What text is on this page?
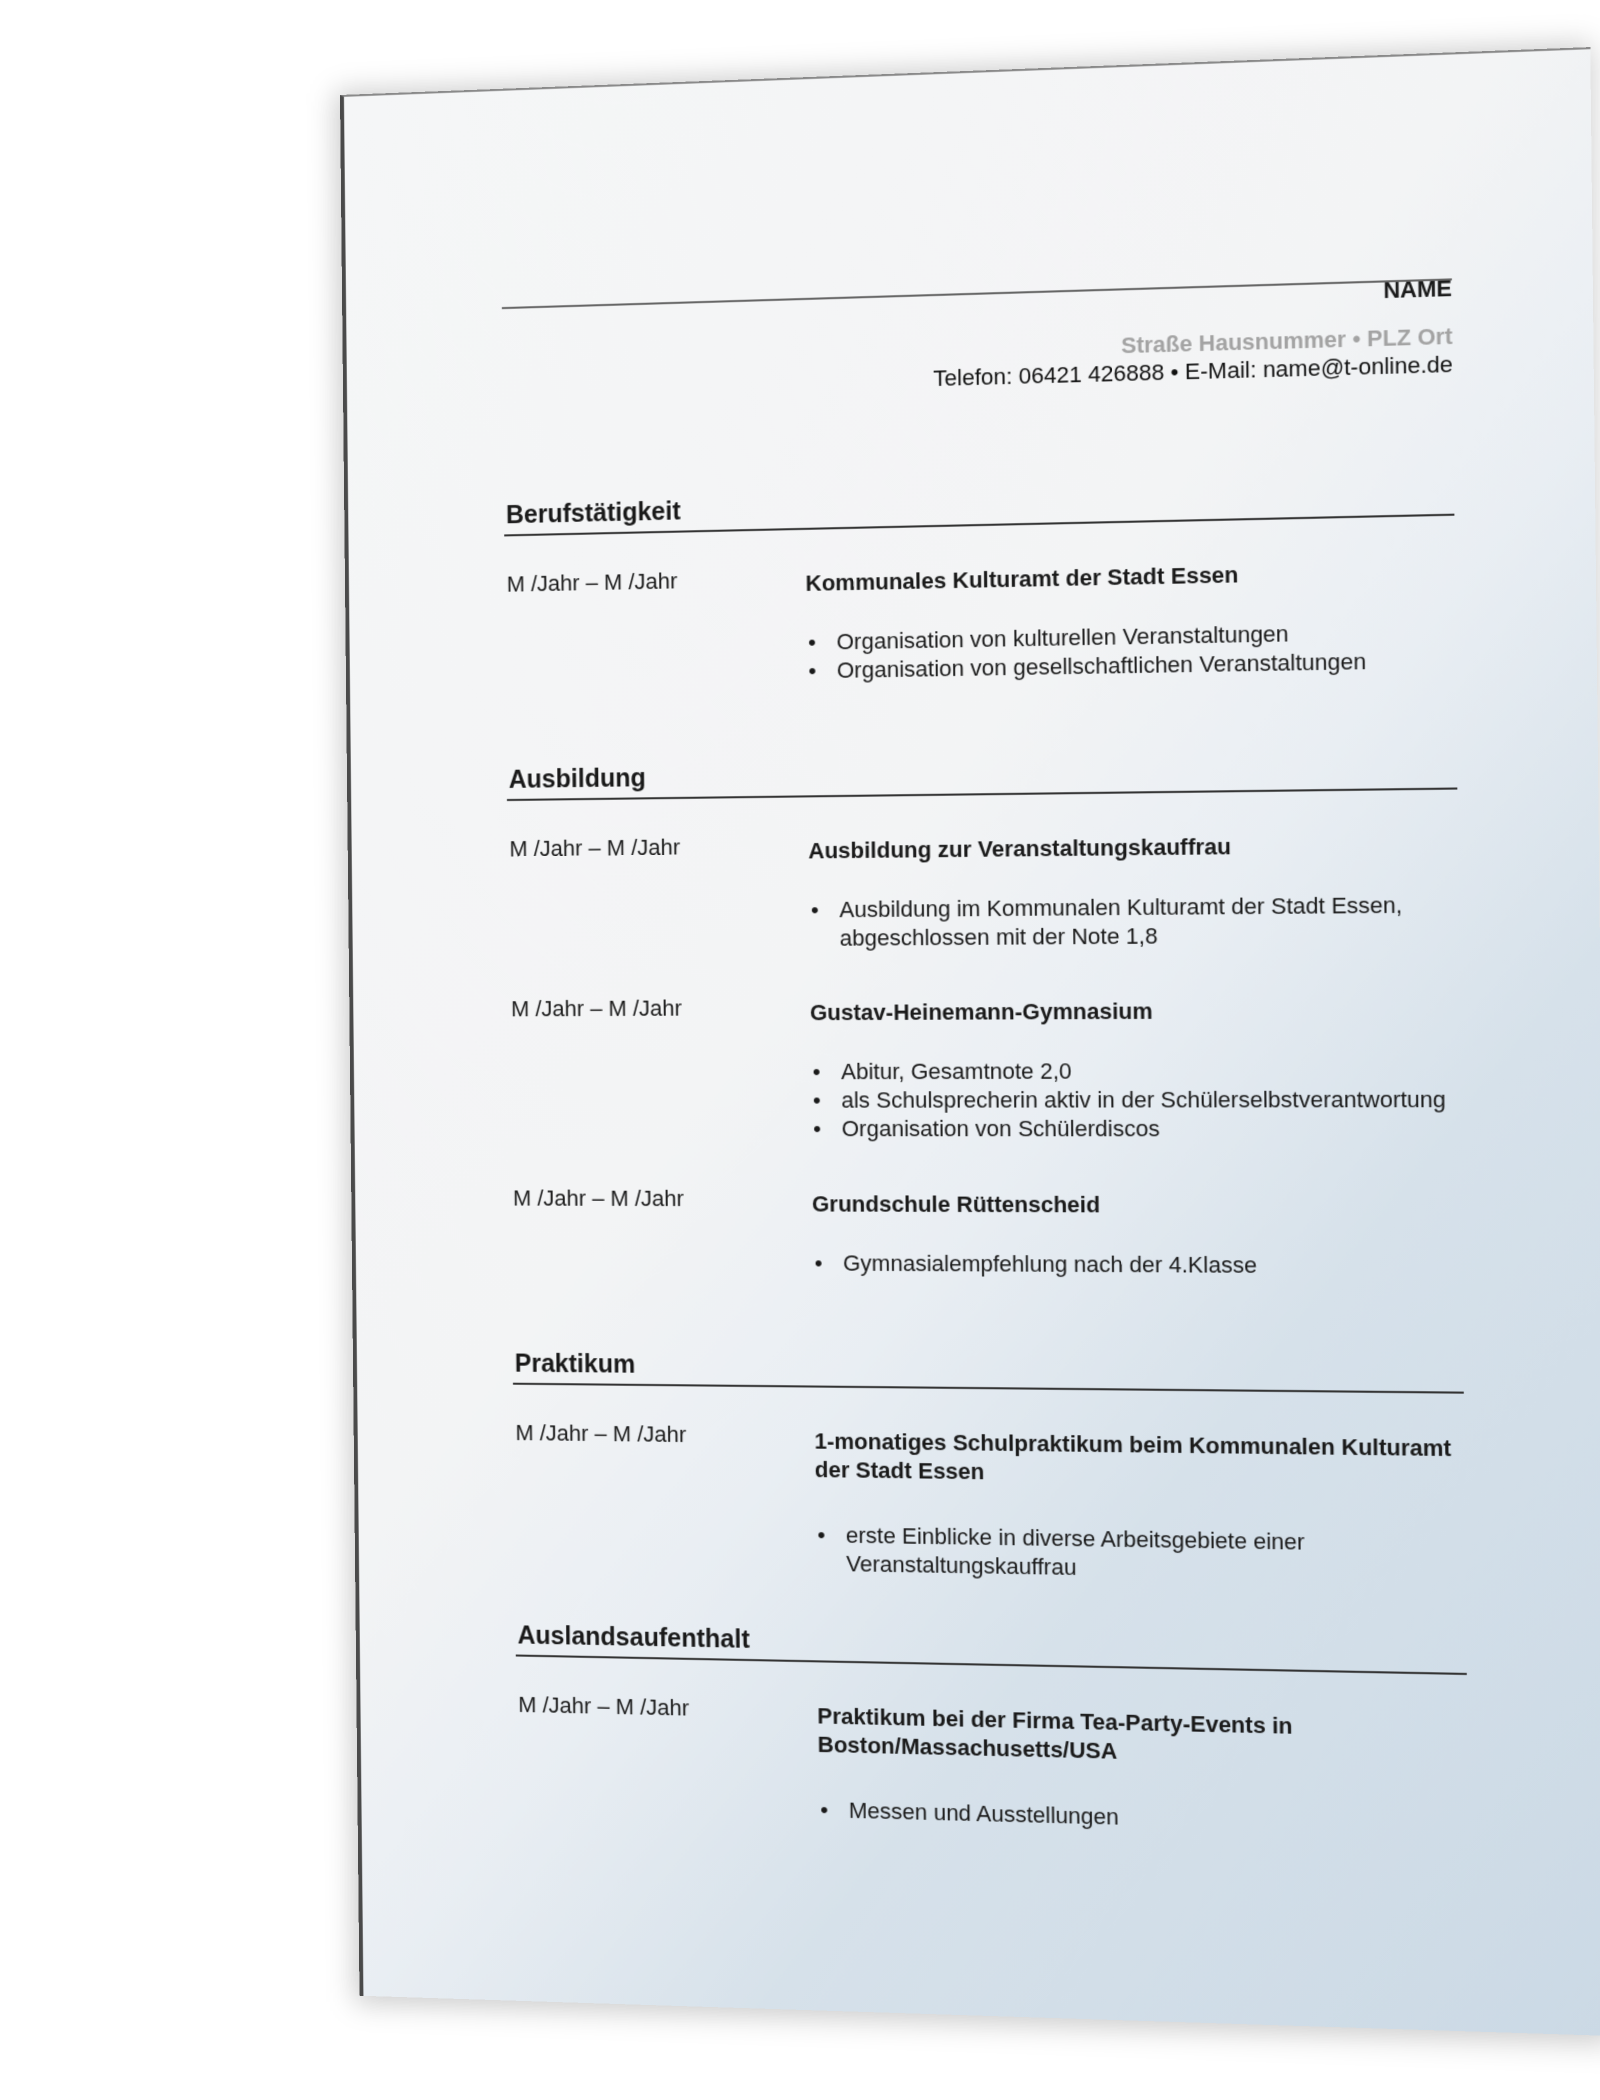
NAME
Straße Hausnummer • PLZ Ort
Telefon: 06421 426888 • E-Mail: name@t-online.de
Berufstätigkeit
M /Jahr – M /Jahr	Kommunales Kulturamt der Stadt Essen
• Organisation von kulturellen Veranstaltungen
• Organisation von gesellschaftlichen Veranstaltungen
Ausbildung
M /Jahr – M /Jahr	Ausbildung zur Veranstaltungskauffrau
• Ausbildung im Kommunalen Kulturamt der Stadt Essen, abgeschlossen mit der Note 1,8
M /Jahr – M /Jahr	Gustav-Heinemann-Gymnasium
• Abitur, Gesamtnote 2,0
• als Schulsprecherin aktiv in der Schülerselbstverantwortung
• Organisation von Schülerdiscos
M /Jahr – M /Jahr	Grundschule Rüttenscheid
• Gymnasialempfehlung nach der 4.Klasse
Praktikum
M /Jahr – M /Jahr	1-monatiges Schulpraktikum beim Kommunalen Kulturamt der Stadt Essen
• erste Einblicke in diverse Arbeitsgebiete einer Veranstaltungskauffrau
Auslandsaufenthalt
M /Jahr – M /Jahr	Praktikum bei der Firma Tea-Party-Events in Boston/Massachusetts/USA
• Messen und Ausstellungen
